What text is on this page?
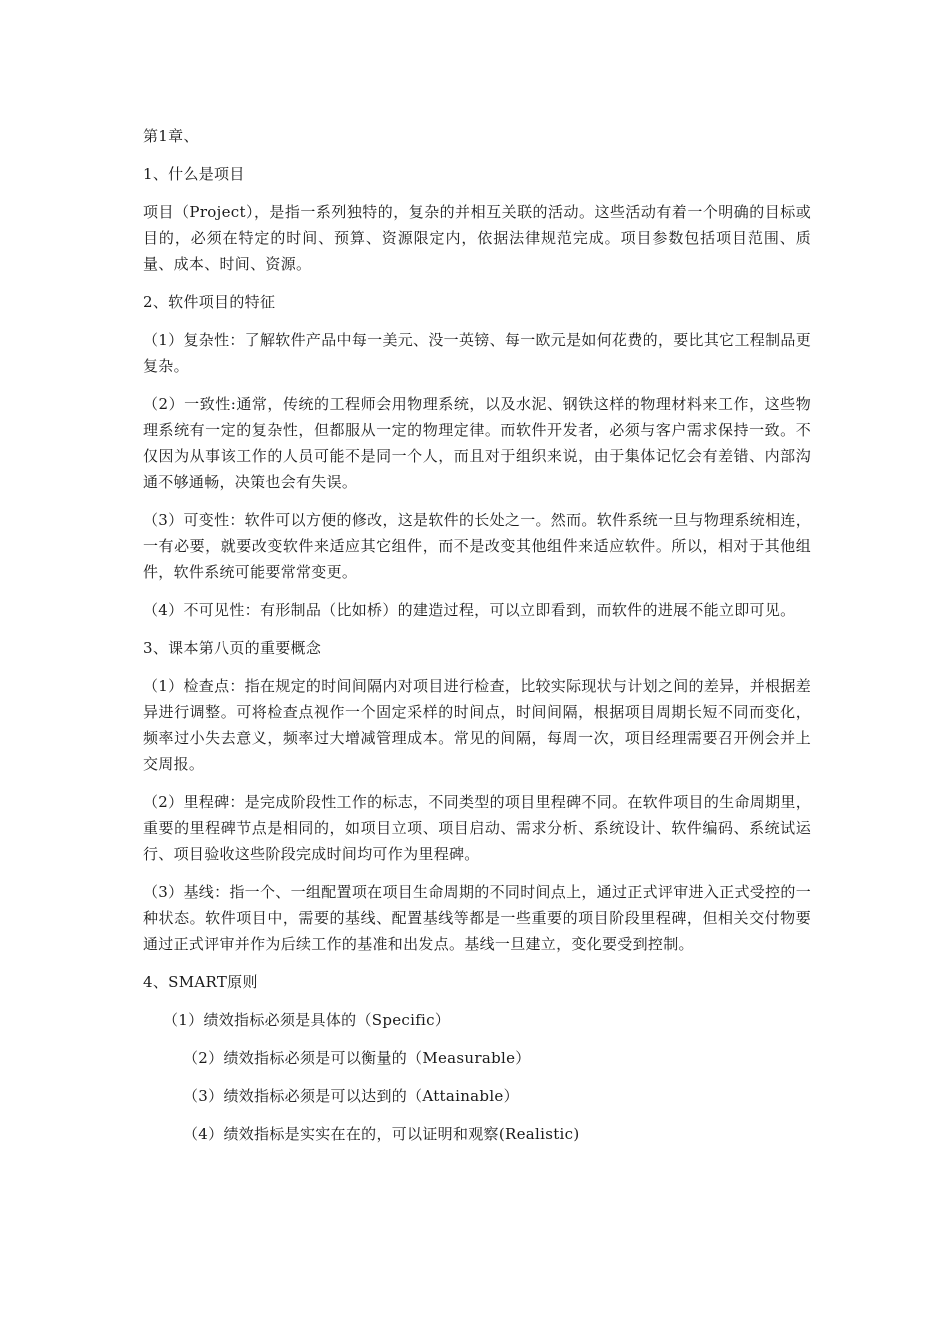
第1章、

1、什么是项目

项目（Project），是指一系列独特的，复杂的并相互关联的活动。这些活动有着一个明确的目标或目的，必须在特定的时间、预算、资源限定内，依据法律规范完成。项目参数包括项目范围、质量、成本、时间、资源。

2、软件项目的特征

（1）复杂性：了解软件产品中每一美元、没一英镑、每一欧元是如何花费的，要比其它工程制品更复杂。

（2）一致性:通常，传统的工程师会用物理系统，以及水泥、钢铁这样的物理材料来工作，这些物理系统有一定的复杂性，但都服从一定的物理定律。而软件开发者，必须与客户需求保持一致。不仅因为从事该工作的人员可能不是同一个人，而且对于组织来说，由于集体记忆会有差错、内部沟通不够通畅，决策也会有失误。

（3）可变性：软件可以方便的修改，这是软件的长处之一。然而。软件系统一旦与物理系统相连，一有必要，就要改变软件来适应其它组件，而不是改变其他组件来适应软件。所以，相对于其他组件，软件系统可能要常常变更。

（4）不可见性：有形制品（比如桥）的建造过程，可以立即看到，而软件的进展不能立即可见。

3、课本第八页的重要概念

（1）检查点：指在规定的时间间隔内对项目进行检查，比较实际现状与计划之间的差异，并根据差异进行调整。可将检查点视作一个固定采样的时间点，时间间隔，根据项目周期长短不同而变化，频率过小失去意义，频率过大增减管理成本。常见的间隔，每周一次，项目经理需要召开例会并上交周报。

（2）里程碑：是完成阶段性工作的标志，不同类型的项目里程碑不同。在软件项目的生命周期里，重要的里程碑节点是相同的，如项目立项、项目启动、需求分析、系统设计、软件编码、系统试运行、项目验收这些阶段完成时间均可作为里程碑。

（3）基线：指一个、一组配置项在项目生命周期的不同时间点上，通过正式评审进入正式受控的一种状态。软件项目中，需要的基线、配置基线等都是一些重要的项目阶段里程碑，但相关交付物要通过正式评审并作为后续工作的基准和出发点。基线一旦建立，变化要受到控制。

4、SMART原则

（1）绩效指标必须是具体的（Specific）

（2）绩效指标必须是可以衡量的（Measurable）

（3）绩效指标必须是可以达到的（Attainable）

（4）绩效指标是实实在在的，可以证明和观察(Realistic)
